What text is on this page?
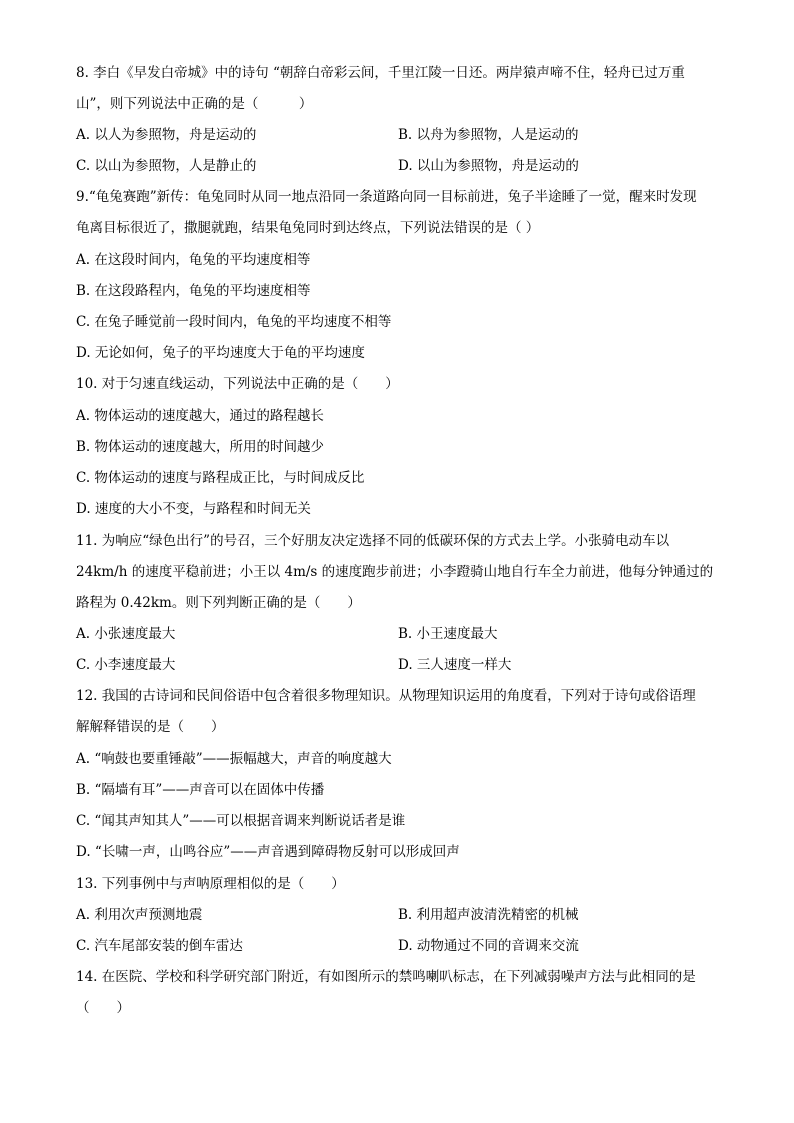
8. 李白《早发白帝城》中的诗句 “朝辞白帝彩云间，千里江陵一日还。两岸猿声啼不住，轻舟已过万重
山”，则下列说法中正确的是（　　　）
A. 以人为参照物，舟是运动的	B. 以舟为参照物，人是运动的
C. 以山为参照物，人是静止的	D. 以山为参照物，舟是运动的
9.“龟兔赛跑”新传：龟兔同时从同一地点沿同一条道路向同一目标前进，兔子半途睡了一觉，醒来时发现
龟离目标很近了，撒腿就跑，结果龟兔同时到达终点，下列说法错误的是（ ）
A. 在这段时间内，龟兔的平均速度相等
B. 在这段路程内，龟兔的平均速度相等
C. 在兔子睡觉前一段时间内，龟兔的平均速度不相等
D. 无论如何，兔子的平均速度大于龟的平均速度
10. 对于匀速直线运动，下列说法中正确的是（　　）
A. 物体运动的速度越大，通过的路程越长
B. 物体运动的速度越大，所用的时间越少
C. 物体运动的速度与路程成正比，与时间成反比
D. 速度的大小不变，与路程和时间无关
11. 为响应“绿色出行”的号召，三个好朋友决定选择不同的低碳环保的方式去上学。小张骑电动车以
24km/h 的速度平稳前进；小王以 4m/s 的速度跑步前进；小李蹬骑山地自行车全力前进，他每分钟通过的
路程为 0.42km。则下列判断正确的是（　　）
A. 小张速度最大	B. 小王速度最大
C. 小李速度最大	D. 三人速度一样大
12. 我国的古诗词和民间俗语中包含着很多物理知识。从物理知识运用的角度看，下列对于诗句或俗语理
解解释错误的是（　　）
A. “响鼓也要重锤敲”——振幅越大，声音的响度越大
B. “隔墙有耳”——声音可以在固体中传播
C. “闻其声知其人”——可以根据音调来判断说话者是谁
D. “长啸一声，山鸣谷应”——声音遇到障碍物反射可以形成回声
13. 下列事例中与声呐原理相似的是（　　）
A. 利用次声预测地震	B. 利用超声波清洗精密的机械
C. 汽车尾部安装的倒车雷达	D. 动物通过不同的音调来交流
14. 在医院、学校和科学研究部门附近，有如图所示的禁鸣喇叭标志，在下列减弱噪声方法与此相同的是
（　　）
